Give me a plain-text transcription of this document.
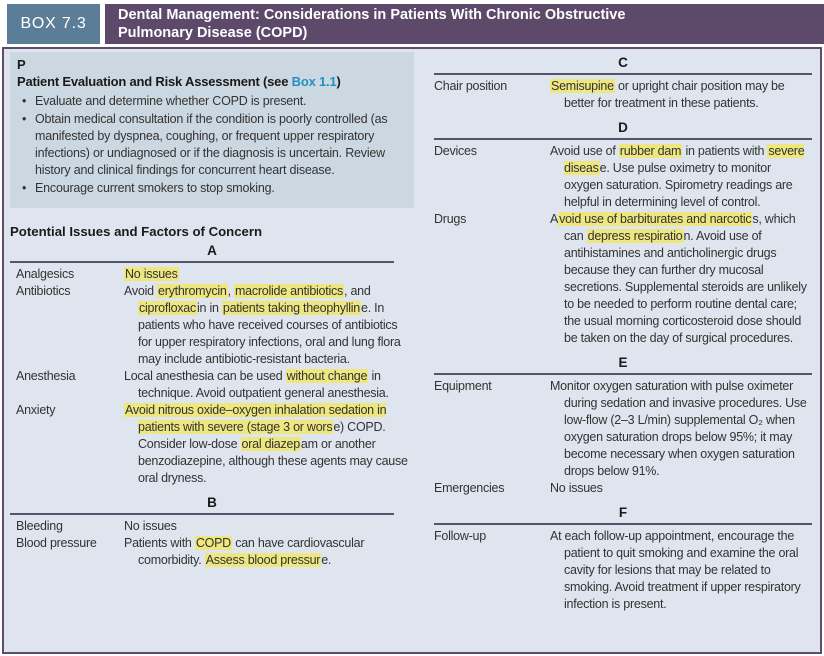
BOX 7.3	Dental Management: Considerations in Patients With Chronic Obstructive Pulmonary Disease (COPD)
P
Patient Evaluation and Risk Assessment (see Box 1.1)
• Evaluate and determine whether COPD is present.
• Obtain medical consultation if the condition is poorly controlled (as manifested by dyspnea, coughing, or frequent upper respiratory infections) or undiagnosed or if the diagnosis is uncertain. Review history and clinical findings for concurrent heart disease.
• Encourage current smokers to stop smoking.
Potential Issues and Factors of Concern
A
Analgesics	No issues
Antibiotics	Avoid erythromycin, macrolide antibiotics, and ciprofloxacin in patients taking theophylline. In patients who have received courses of antibiotics for upper respiratory infections, oral and lung flora may include antibiotic-resistant bacteria.
Anesthesia	Local anesthesia can be used without change in technique. Avoid outpatient general anesthesia.
Anxiety	Avoid nitrous oxide–oxygen inhalation sedation in patients with severe (stage 3 or worse) COPD. Consider low-dose oral diazepam or another benzodiazepine, although these agents may cause oral dryness.
B
Bleeding	No issues
Blood pressure	Patients with COPD can have cardiovascular comorbidity. Assess blood pressure.
C
Chair position	Semisupine or upright chair position may be better for treatment in these patients.
D
Devices	Avoid use of rubber dam in patients with severe disease. Use pulse oximetry to monitor oxygen saturation. Spirometry readings are helpful in determining level of control.
Drugs	Avoid use of barbiturates and narcotics, which can depress respiration. Avoid use of antihistamines and anticholinergic drugs because they can further dry mucosal secretions. Supplemental steroids are unlikely to be needed to perform routine dental care; the usual morning corticosteroid dose should be taken on the day of surgical procedures.
E
Equipment	Monitor oxygen saturation with pulse oximeter during sedation and invasive procedures. Use low-flow (2–3 L/min) supplemental O₂ when oxygen saturation drops below 95%; it may become necessary when oxygen saturation drops below 91%.
Emergencies	No issues
F
Follow-up	At each follow-up appointment, encourage the patient to quit smoking and examine the oral cavity for lesions that may be related to smoking. Avoid treatment if upper respiratory infection is present.
